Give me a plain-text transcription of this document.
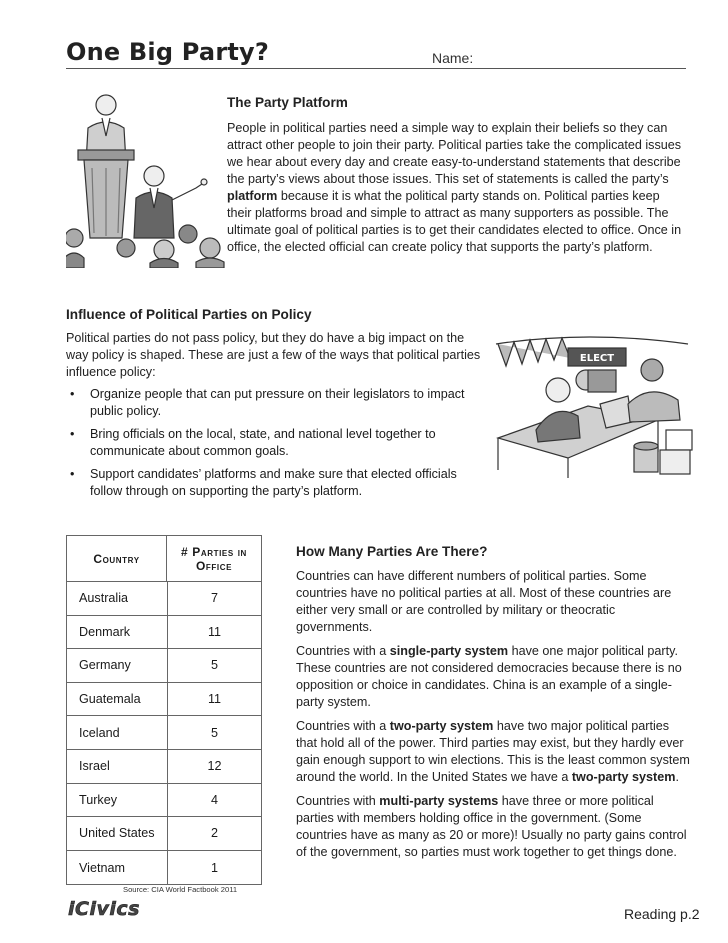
One Big Party?	Name:
The Party Platform
People in political parties need a simple way to explain their beliefs so they can attract other people to join their party. Political parties take the complicated issues we hear about every day and create easy-to-understand statements that describe the party’s views about those issues. This set of statements is called the party’s platform because it is what the political party stands on. Political parties keep their platforms broad and simple to attract as many supporters as possible. The ultimate goal of political parties is to get their candidates elected to office. Once in office, the elected official can create policy that supports the party’s platform.
Influence of Political Parties on Policy
Political parties do not pass policy, but they do have a big impact on the way policy is shaped. These are just a few of the ways that political parties influence policy:
• Organize people that can put pressure on their legislators to impact public policy.
• Bring officials on the local, state, and national level together to communicate about common goals.
• Support candidates’ platforms and make sure that elected officials follow through on supporting the party’s platform.
ELECT
Country	# Parties in Office
Australia	7
Denmark	11
Germany	5
Guatemala	11
Iceland	5
Israel	12
Turkey	4
United States	2
Vietnam	1
Source: CIA World Factbook 2011
How Many Parties Are There?

Countries can have different numbers of political parties. Some countries have no political parties at all. Most of these countries are either very small or are controlled by military or theocratic governments.

Countries with a single-party system have one major political party. These countries are not considered democracies because there is no opposition or choice in candidates. China is an example of a single-party system.

Countries with a two-party system have two major political parties that hold all of the power. Third parties may exist, but they hardly ever gain enough support to win elections. This is the least common system around the world. In the United States we have a two-party system.

Countries with multi-party systems have three or more political parties with members holding office in the government. (Some countries have as many as 20 or more)! Usually no party gains control of the government, so parties must work together to get things done.

iCivics	Reading p.2
